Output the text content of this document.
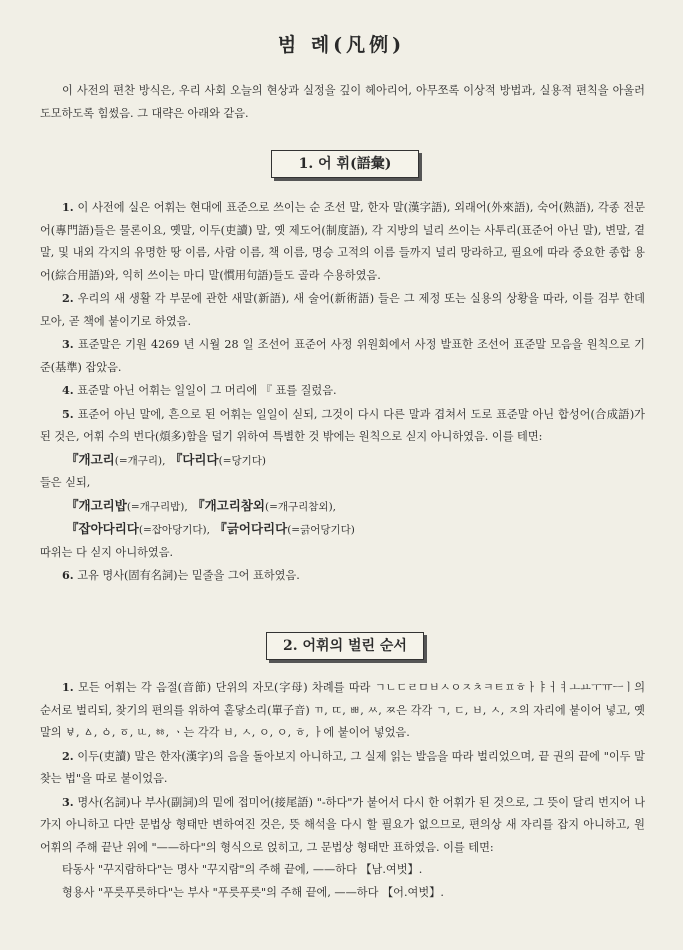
범 례(凡例)

이 사전의 편찬 방식은, 우리 사회 오늘의 현상과 실정을 깊이 헤아리어, 아무쪼록 이상적 방법과, 실용적 편칙을 아울러 도모하도록 힘썼음. 그 대략은 아래와 같음.

1. 어 휘(語彙)

1. 이 사전에 실은 어휘는 현대에 표준으로 쓰이는 순 조선 말, 한자 말(漢字語), 외래어(外來語), 숙어(熟語), 각종 전문어(專門語)들은 물론이요, 옛말, 이두(吏讀) 말, 옛 제도어(制度語), 각 지방의 널리 쓰이는 사투리(표준어 아닌 말), 변말, 곁말, 및 내외 각지의 유명한 땅 이름, 사람 이름, 책 이름, 명승 고적의 이름 들까지 널리 망라하고, 필요에 따라 중요한 종합 용어(綜合用語)와, 익히 쓰이는 마디 말(慣用句語)들도 골라 수용하였음.

2. 우리의 새 생활 각 부문에 관한 새말(新語), 새 술어(新術語) 들은 그 제정 또는 실용의 상황을 따라, 이를 검부 한데 모아, 곧 책에 붙이기로 하였음.

3. 표준말은 기원 4269 년 시월 28 일 조선어 표준어 사정 위원회에서 사정 발표한 조선어 표준말 모음을 원칙으로 기준(基準) 잡았음.

4. 표준말 아닌 어휘는 일일이 그 머리에 『 표를 질렀음.

5. 표준어 아닌 말에, 흔으로 된 어휘는 일일이 싣되, 그것이 다시 다른 말과 겹쳐서 도로 표준말 아닌 합성어(合成語)가 된 것은, 어휘 수의 번다(煩多)함을 덜기 위하여 특별한 것 밖에는 원칙으로 싣지 아니하였음. 이를 테면:

『개고리(=개구리), 『다리다(=당기다)

들은 싣되,

『개고리밥(=개구리밥), 『개고리참외(=개구리참외),

『잡아다리다(=잡아당기다), 『긁어다리다(=긁어당기다)

따위는 다 싣지 아니하였음.

6. 고유 명사(固有名詞)는 밑줄을 그어 표하였음.

2. 어휘의 벌린 순서

1. 모든 어휘는 각 음절(音節) 단위의 자모(字母) 차례를 따라 ㄱㄴㄷㄹㅁㅂㅅㅇㅈㅊㅋㅌㅍㅎㅏㅑㅓㅕㅗㅛㅜㅠㅡㅣ의 순서로 벌리되, 찾기의 편의를 위하여 홑닿소리(單子音) ㄲ, ㄸ, ㅃ, ㅆ, ㅉ은 각각 ㄱ, ㄷ, ㅂ, ㅅ, ㅈ의 자리에 붙이어 넣고, 옛말의 ㅸ, ㅿ, ㆁ, ㆆ, ㅥ, ㆅ, ㆍ는 각각 ㅂ, ㅅ, ㅇ, ㅇ, ㅎ, ㅏ에 붙이어 넣었음.

2. 이두(吏讀) 말은 한자(漢字)의 음을 돌아보지 아니하고, 그 실제 읽는 발음을 따라 벌리었으며, 끝 권의 끝에 "이두 말 찾는 법"을 따로 붙이었음.

3. 명사(名詞)나 부사(副詞)의 밑에 접미어(接尾語) "-하다"가 붙어서 다시 한 어휘가 된 것으로, 그 뜻이 달리 번지어 나가지 아니하고 다만 문법상 형태만 변하여진 것은, 뜻 해석을 다시 할 필요가 없으므로, 편의상 새 자리를 잡지 아니하고, 원 어휘의 주해 끝난 위에 "——하다"의 형식으로 얹히고, 그 문법상 형태만 표하였음. 이를 테면:

타동사 "꾸지람하다"는 명사 "꾸지람"의 주해 끝에, ——하다 【남.여벗】.

형용사 "푸릇푸릇하다"는 부사 "푸릇푸릇"의 주해 끝에, ——하다 【어.여벗】.
